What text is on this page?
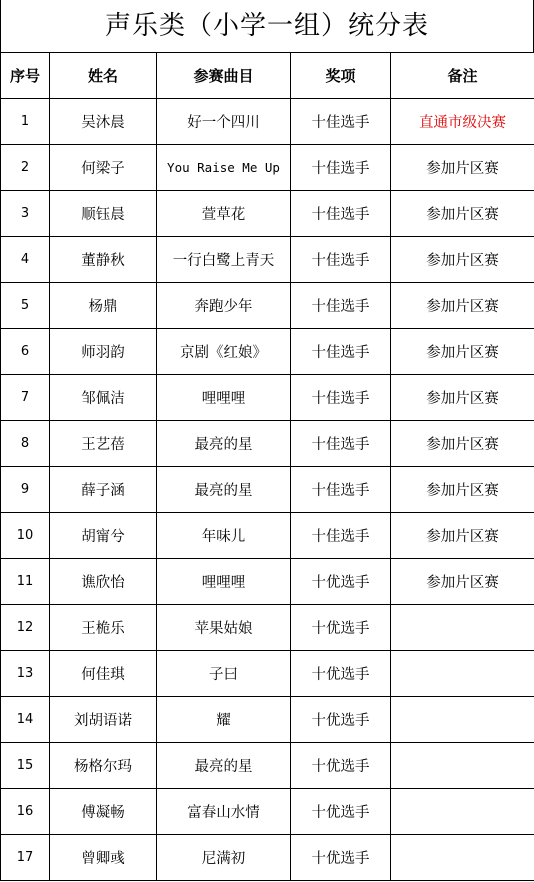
声乐类（小学一组）统分表
序号	姓名	参赛曲目	奖项	备注
1	吴沐晨	好一个四川	十佳选手	直通市级决赛
2	何梁子	You Raise Me Up	十佳选手	参加片区赛
3	顺钰晨	萱草花	十佳选手	参加片区赛
4	董静秋	一行白鹭上青天	十佳选手	参加片区赛
5	杨鼎	奔跑少年	十佳选手	参加片区赛
6	师羽韵	京剧《红娘》	十佳选手	参加片区赛
7	邹佩洁	哩哩哩	十佳选手	参加片区赛
8	王艺蓓	最亮的星	十佳选手	参加片区赛
9	薛子涵	最亮的星	十佳选手	参加片区赛
10	胡甯兮	年味儿	十佳选手	参加片区赛
11	谯欣怡	哩哩哩	十优选手	参加片区赛
12	王桅乐	苹果姑娘	十优选手	
13	何佳琪	子曰	十优选手	
14	刘胡语诺	耀	十优选手	
15	杨格尔玛	最亮的星	十优选手	
16	傅凝畅	富春山水情	十优选手	
17	曾卿彧	尼满初	十优选手	
